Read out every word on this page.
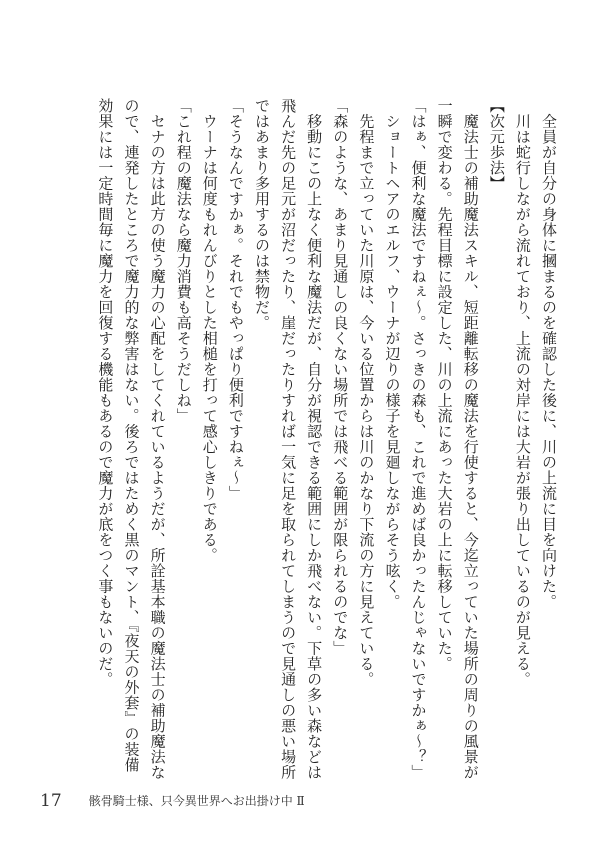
　全員が自分の身体に摑まるのを確認した後に、川の上流に目を向けた。
　川は蛇行しながら流れており、上流の対岸には大岩が張り出しているのが見える。
【次元歩法】
　魔法士の補助魔法スキル、短距離転移の魔法を行使すると、今迄立っていた場所の周りの風景が
一瞬で変わる。先程目標に設定した、川の上流にあった大岩の上に転移していた。
「はぁ、便利な魔法ですねぇ〜。さっきの森も、これで進めば良かったんじゃないですかぁ〜？」
　ショートヘアのエルフ、ウーナが辺りの様子を見廻しながらそう呟く。
　先程まで立っていた川原は、今いる位置からは川のかなり下流の方に見えている。
「森のような、あまり見通しの良くない場所では飛べる範囲が限られるのでな」
　移動にこの上なく便利な魔法だが、自分が視認できる範囲にしか飛べない。下草の多い森などは
飛んだ先の足元が沼だったり、崖だったりすれば一気に足を取られてしまうので見通しの悪い場所
ではあまり多用するのは禁物だ。
「そうなんですかぁ。それでもやっぱり便利ですねぇ〜」
　ウーナは何度もれんびりとした相槌を打って感心しきりである。
「これ程の魔法なら魔力消費も高そうだしね」
　セナの方は此方の使う魔力の心配をしてくれているようだが、所詮基本職の魔法士の補助魔法な
ので、連発したところで魔力的な弊害はない。後ろではためく黒のマント、『夜天の外套』の装備
効果には一定時間毎に魔力を回復する機能もあるので魔力が底をつく事もないのだ。
17 骸骨騎士様、只今異世界へお出掛け中 Ⅱ
